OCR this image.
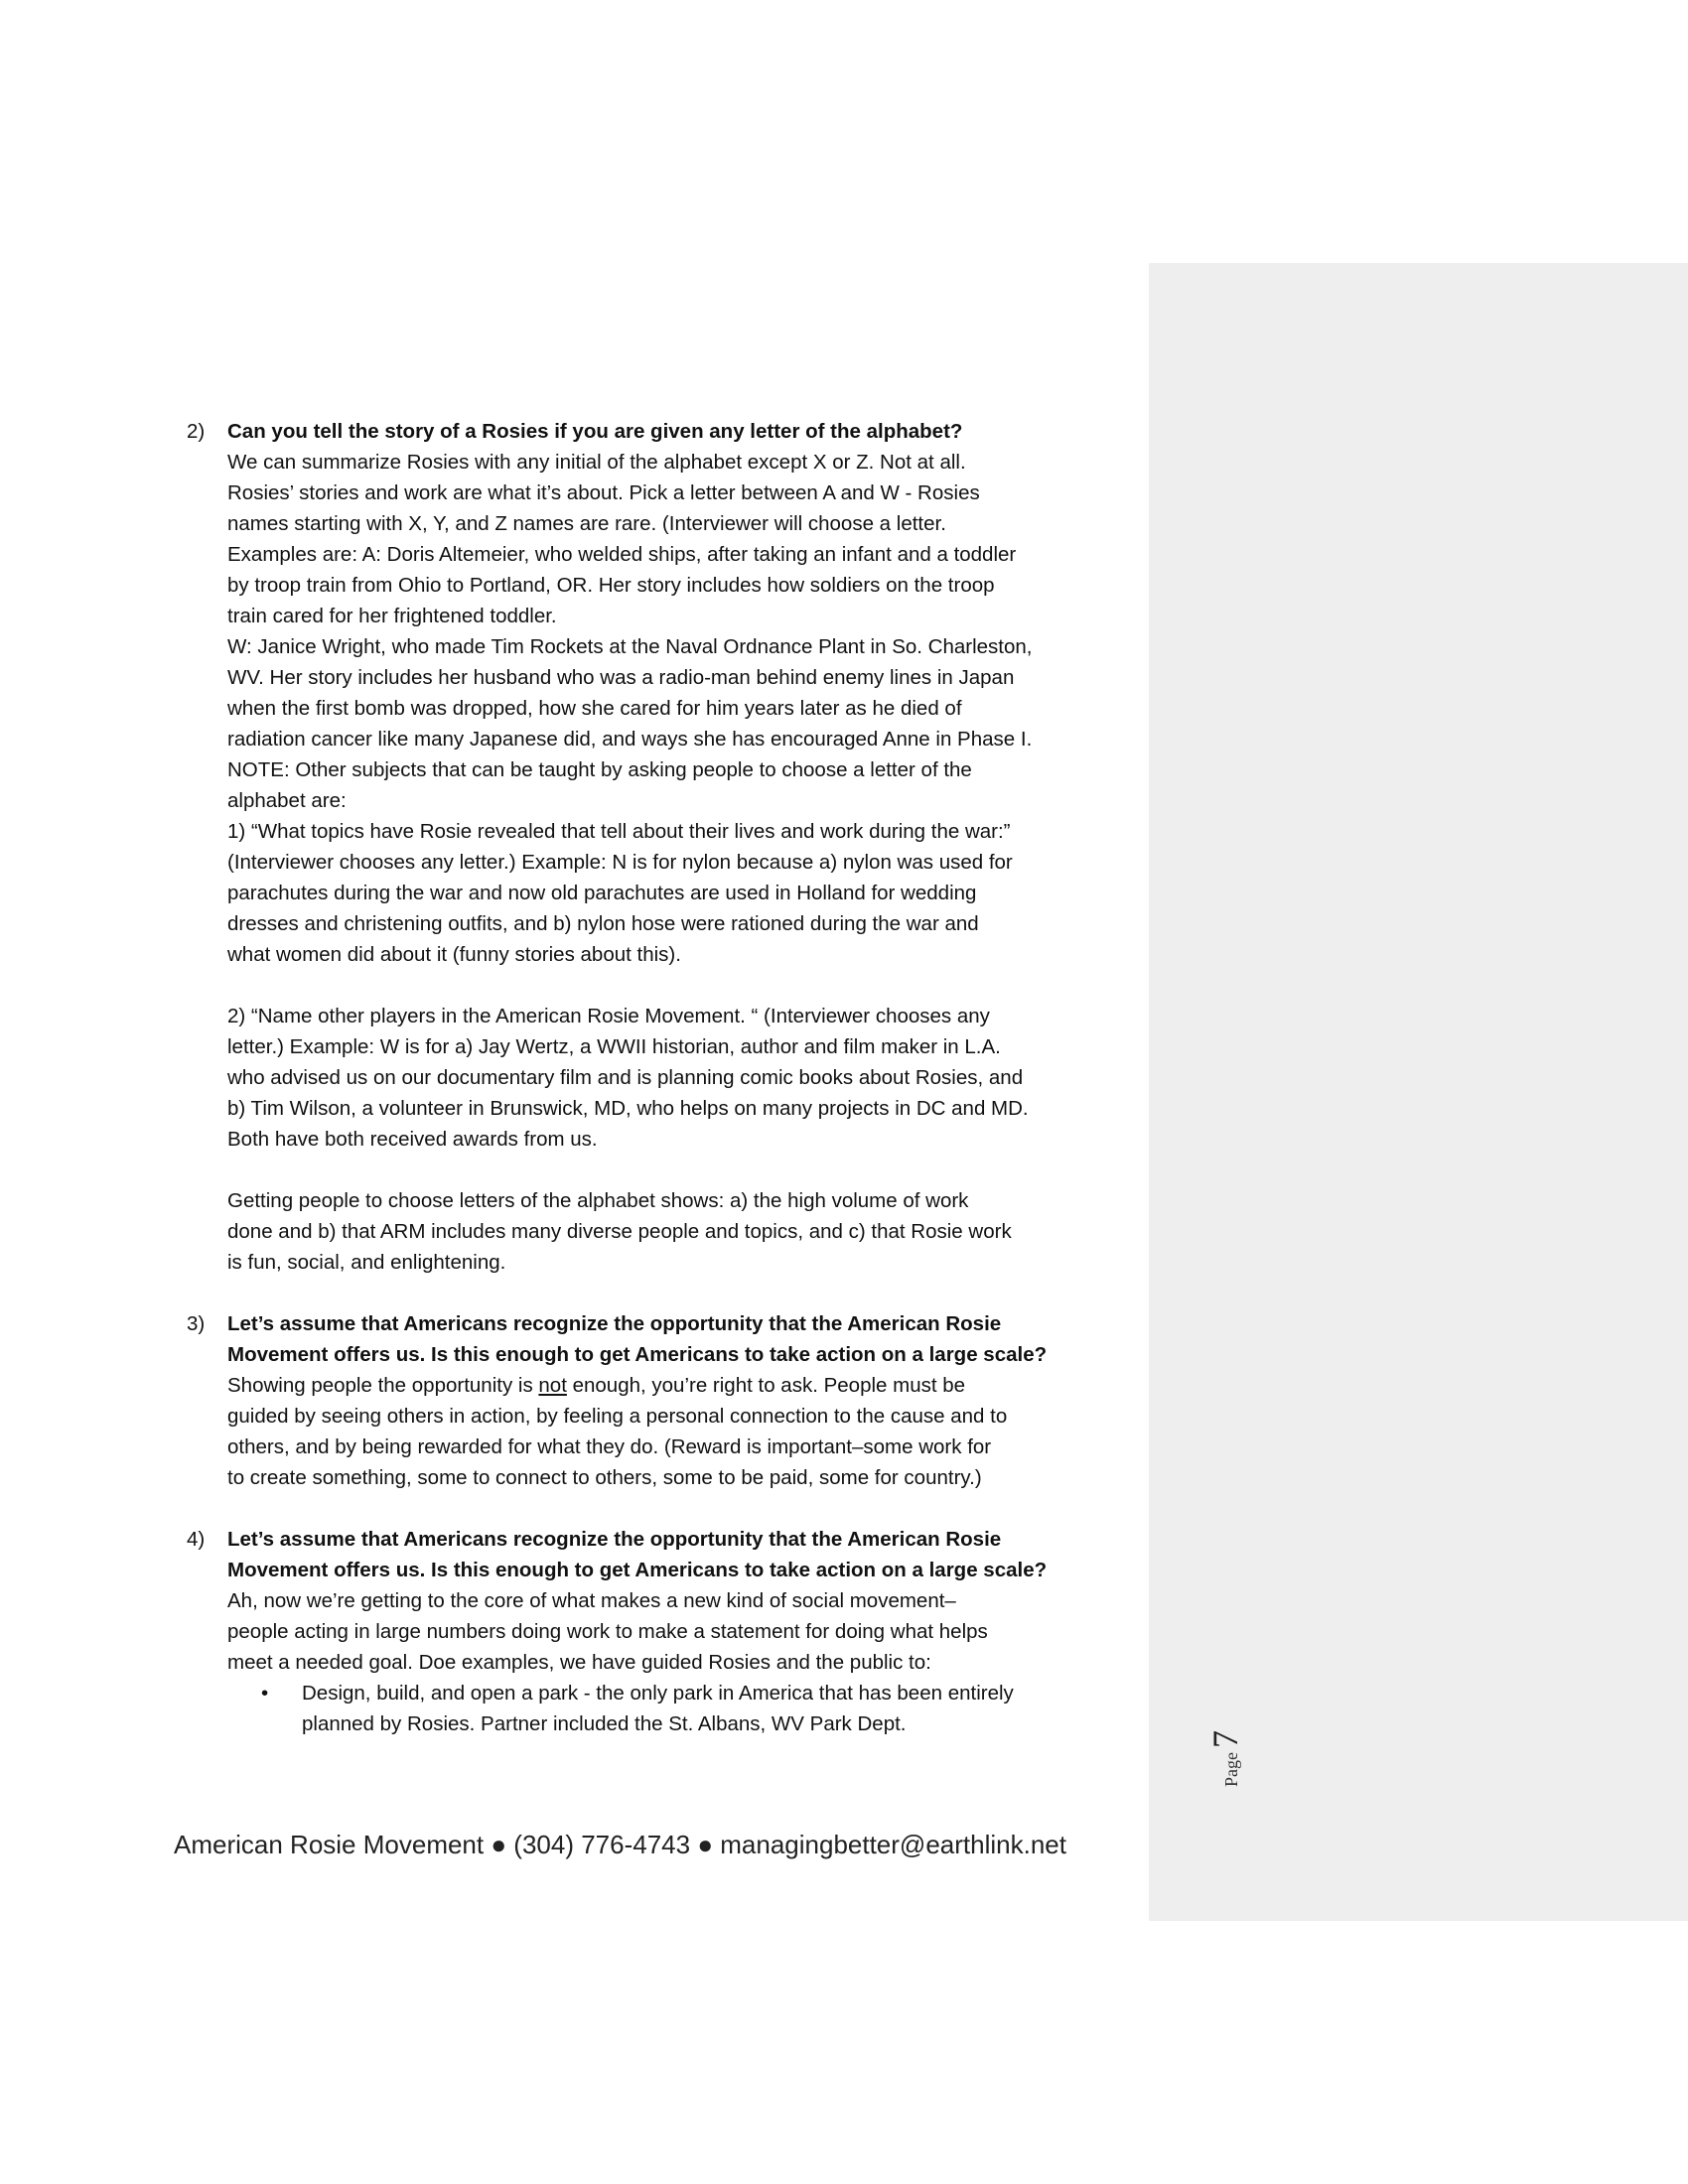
Page7
2)	Can you tell the story of a Rosies if you are given any letter of the alphabet?

We can summarize Rosies with any initial of the alphabet except X or Z. Not at all.

Rosies’ stories and work are what it’s about. Pick a letter between A and W - Rosies

names starting with X, Y, and Z names are rare. (Interviewer will choose a letter.

Examples are: A: Doris Altemeier, who welded ships, after taking an infant and a toddler

by troop train from Ohio to Portland, OR. Her story includes how soldiers on the troop

train cared for her frightened toddler.

W: Janice Wright, who made Tim Rockets at the Naval Ordnance Plant in So. Charleston,

WV. Her story includes her husband who was a radio-man behind enemy lines in Japan

when the first bomb was dropped, how she cared for him years later as he died of

radiation cancer like many Japanese did, and ways she has encouraged Anne in Phase I.

NOTE: Other subjects that can be taught by asking people to choose a letter of the

alphabet are:

1) “What topics have Rosie revealed that tell about their lives and work during the war:”

(Interviewer chooses any letter.) Example: N is for nylon because a) nylon was used for

parachutes during the war and now old parachutes are used in Holland for wedding

dresses and christening outfits, and b) nylon hose were rationed during the war and

what women did about it (funny stories about this).

2) “Name other players in the American Rosie Movement. “ (Interviewer chooses any

letter.) Example: W is for a) Jay Wertz, a WWII historian, author and film maker in L.A.

who advised us on our documentary film and is planning comic books about Rosies, and

b) Tim Wilson, a volunteer in Brunswick, MD, who helps on many projects in DC and MD.

Both have both received awards from us.

Getting people to choose letters of the alphabet shows: a) the high volume of work

done and b) that ARM includes many diverse people and topics, and c) that Rosie work

is fun, social, and enlightening.

3)	Let’s assume that Americans recognize the opportunity that the American Rosie

Movement offers us. Is this enough to get Americans to take action on a large scale?

Showing people the opportunity is not enough, you’re right to ask. People must be

guided by seeing others in action, by feeling a personal connection to the cause and to

others, and by being rewarded for what they do. (Reward is important–some work for

to create something, some to connect to others, some to be paid, some for country.)

4)	Let’s assume that Americans recognize the opportunity that the American Rosie

Movement offers us. Is this enough to get Americans to take action on a large scale?

Ah, now we’re getting to the core of what makes a new kind of social movement–

people acting in large numbers doing work to make a statement for doing what helps

meet a needed goal. Doe examples, we have guided Rosies and the public to:

• Design, build, and open a park - the only park in America that has been entirely

planned by Rosies. Partner included the St. Albans, WV Park Dept.

American Rosie Movement ● (304) 776-4743 ● managingbetter@earthlink.net
